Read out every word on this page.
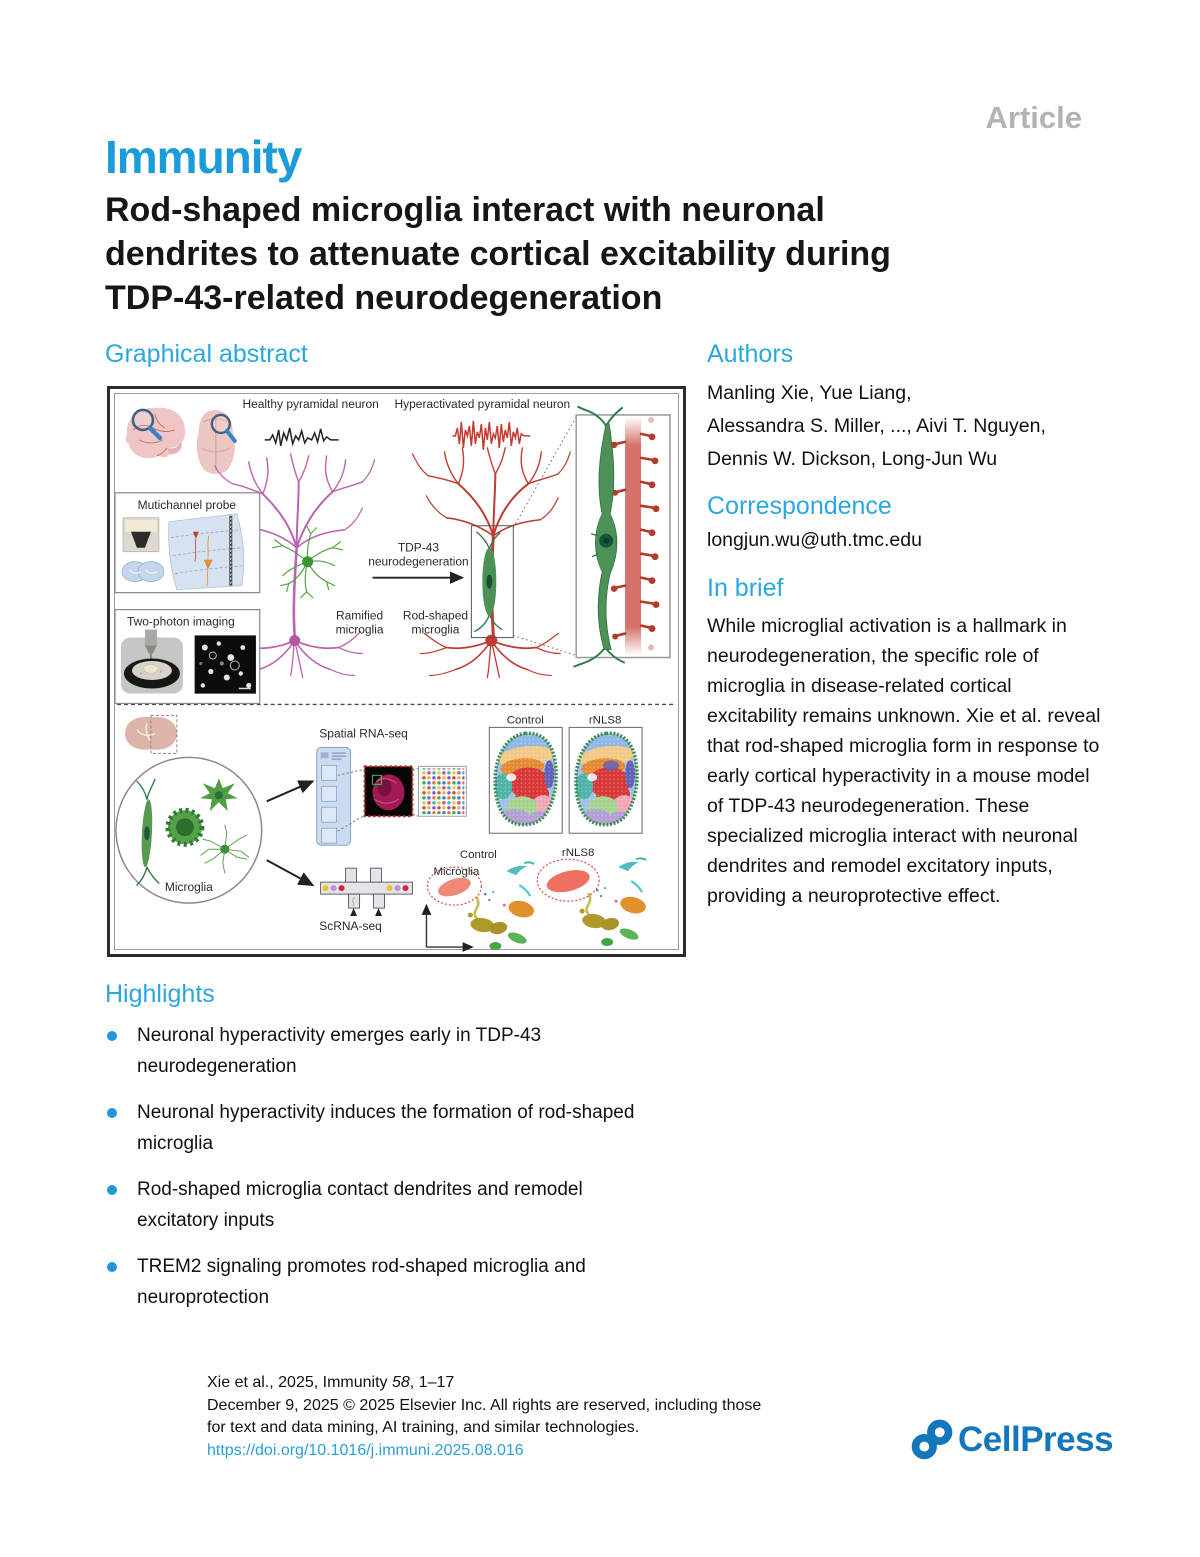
Article
Immunity
Rod-shaped microglia interact with neuronal
dendrites to attenuate cortical excitability during
TDP-43-related neurodegeneration
Graphical abstract
Healthy pyramidal neuron Hyperactivated pyramidal neuron
Ramified
microglia
Rod-shaped
microglia
TDP-43
neurodegeneration
Mutichannel probe
Two-photon imaging
Microglia
Spatial RNA-seq
Control	rNLS8
ScRNA-seq
Control	rNLS8
Microglia
Authors
Manling Xie, Yue Liang,
Alessandra S. Miller, ..., Aivi T. Nguyen,
Dennis W. Dickson, Long-Jun Wu
Correspondence
longjun.wu@uth.tmc.edu
In brief
While microglial activation is a hallmark in neurodegeneration, the specific role of microglia in disease-related cortical excitability remains unknown. Xie et al. reveal that rod-shaped microglia form in response to early cortical hyperactivity in a mouse model of TDP-43 neurodegeneration. These specialized microglia interact with neuronal dendrites and remodel excitatory inputs, providing a neuroprotective effect.
Highlights
Neuronal hyperactivity emerges early in TDP-43
neurodegeneration
Neuronal hyperactivity induces the formation of rod-shaped
microglia
Rod-shaped microglia contact dendrites and remodel
excitatory inputs
TREM2 signaling promotes rod-shaped microglia and
neuroprotection
Xie et al., 2025, Immunity 58, 1–17
December 9, 2025 © 2025 Elsevier Inc. All rights are reserved, including those
for text and data mining, AI training, and similar technologies.
https://doi.org/10.1016/j.immuni.2025.08.016	CellPress
